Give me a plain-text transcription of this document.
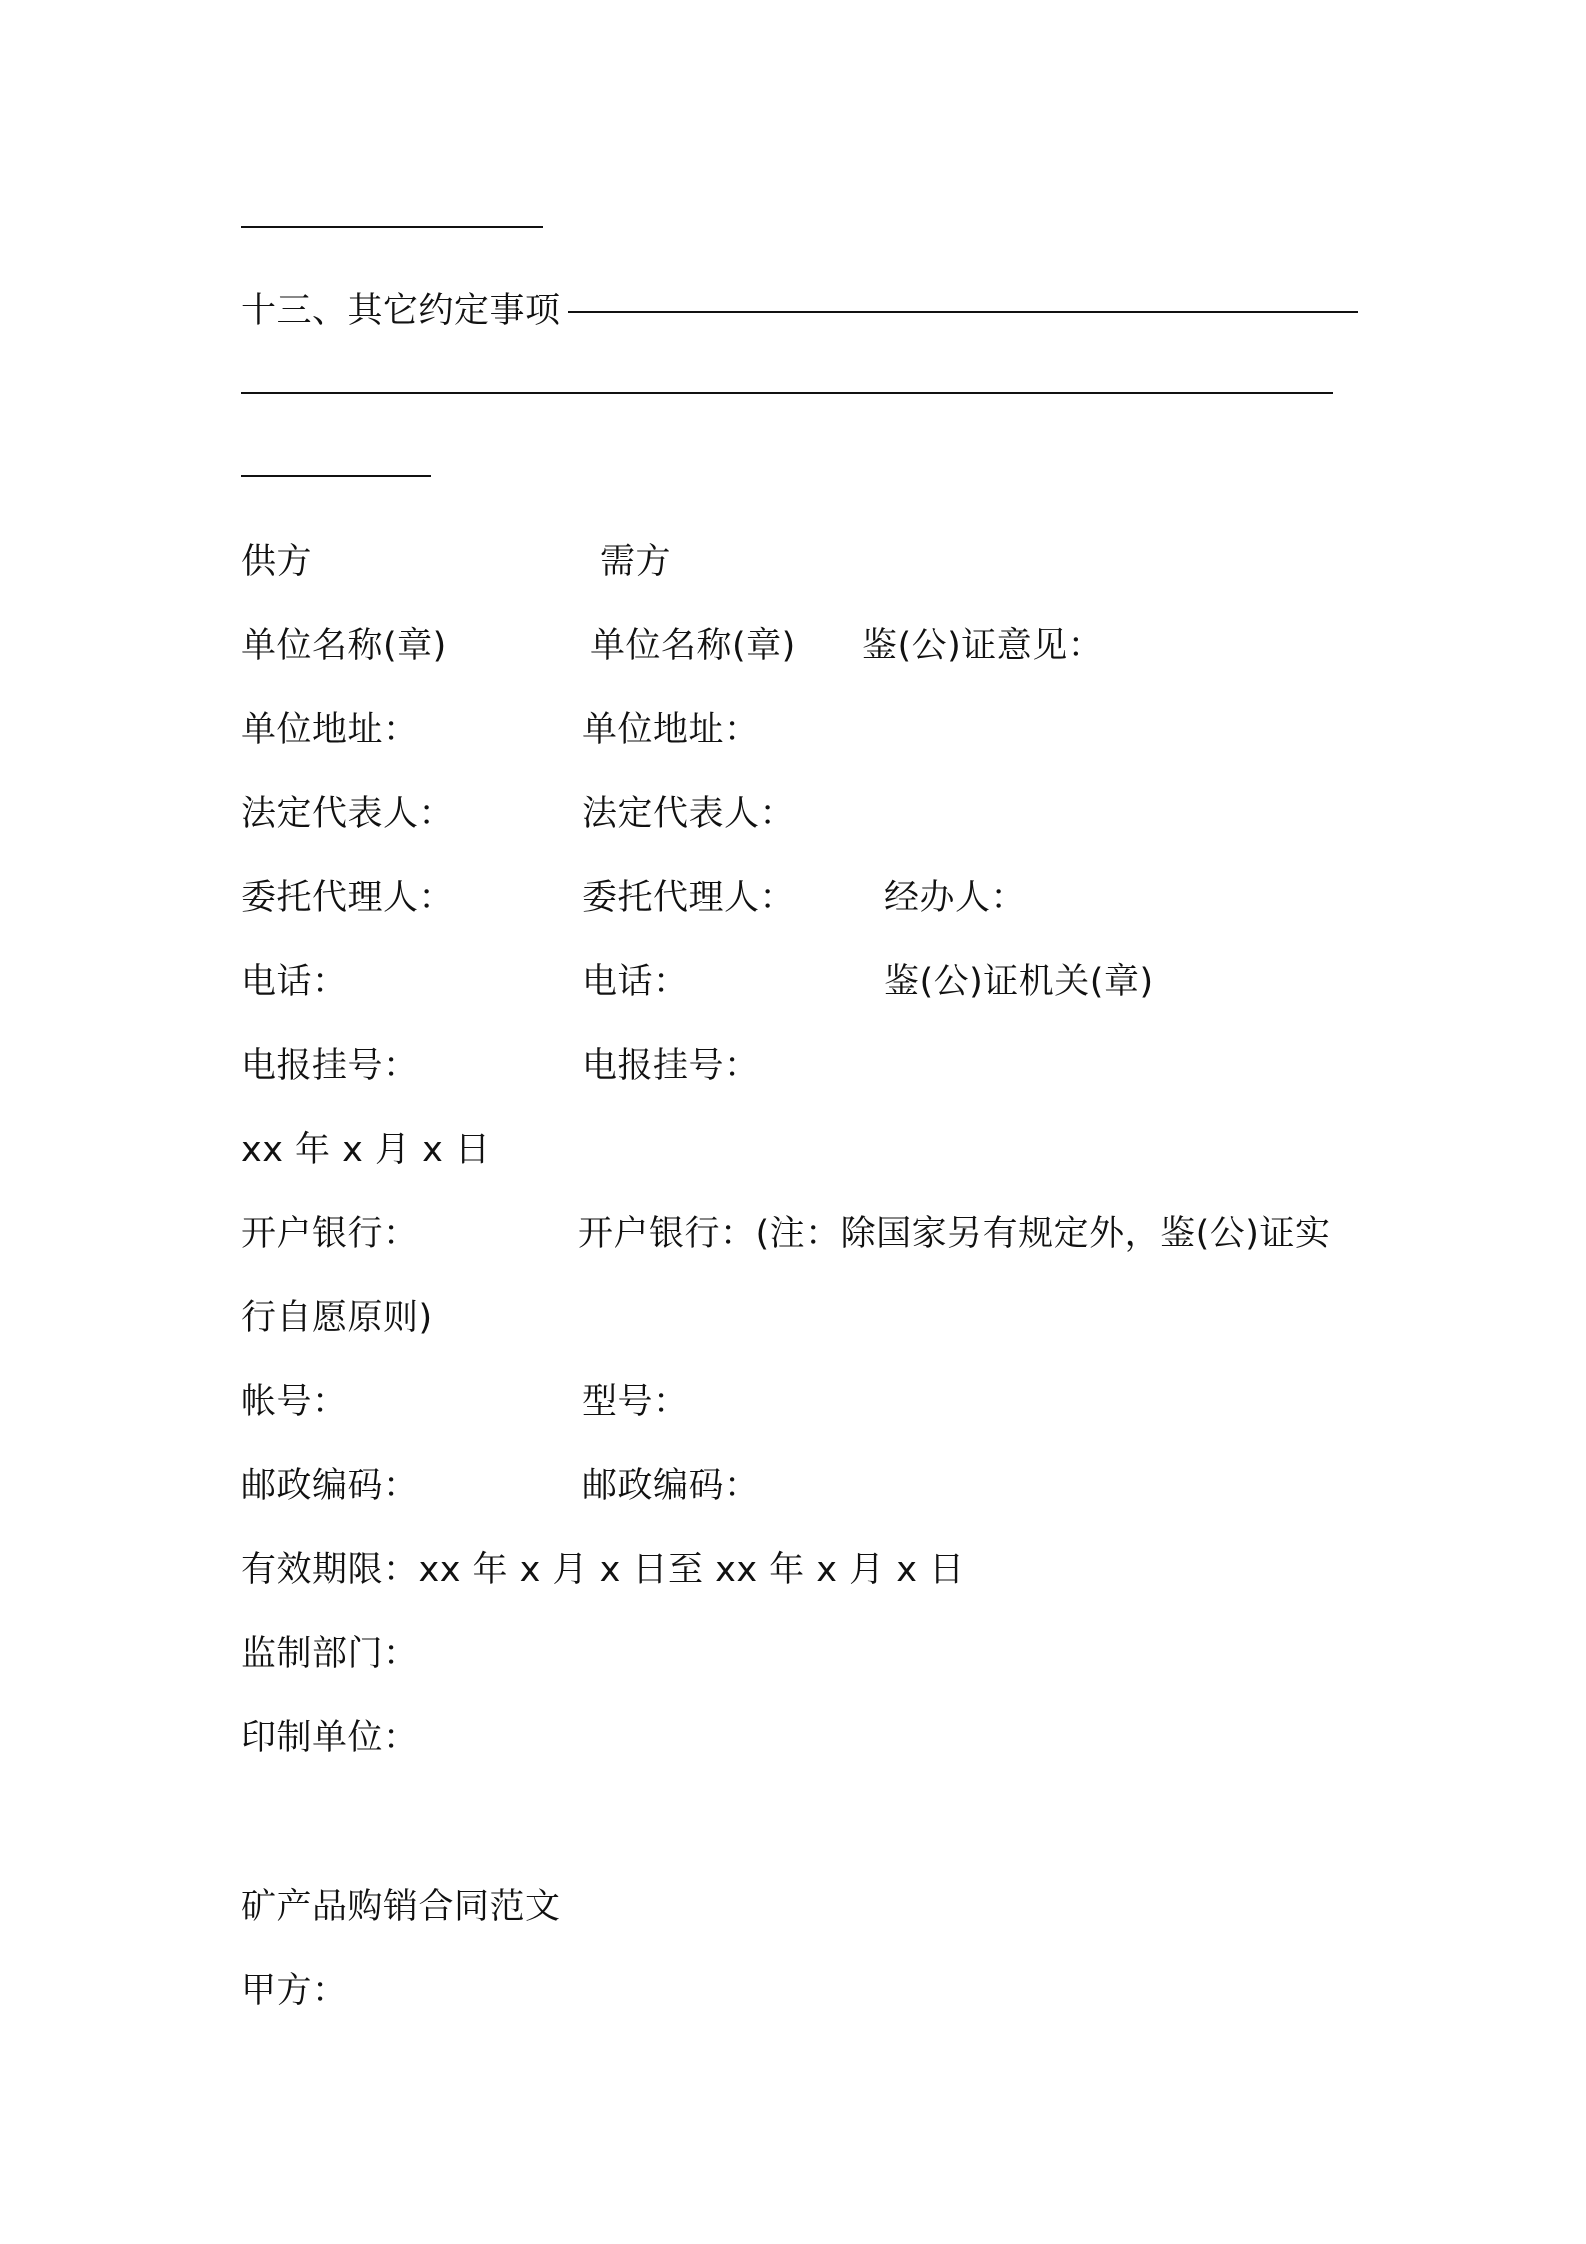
十三、其它约定事项
供方	需方
单位名称(章)	单位名称(章) 鉴(公)证意见：
单位地址：	单位地址：
法定代表人：	法定代表人：
委托代理人：	委托代理人：	经办人：
电话：	电话：	鉴(公)证机关(章)
电报挂号：	电报挂号：
xx 年 x 月 x 日
开户银行：	开户银行：(注：除国家另有规定外，鉴(公)证实
行自愿原则)
帐号：	型号：
邮政编码：	邮政编码：
有效期限：xx 年 x 月 x 日至 xx 年 x 月 x 日
监制部门：
印制单位：
矿产品购销合同范文
甲方：
